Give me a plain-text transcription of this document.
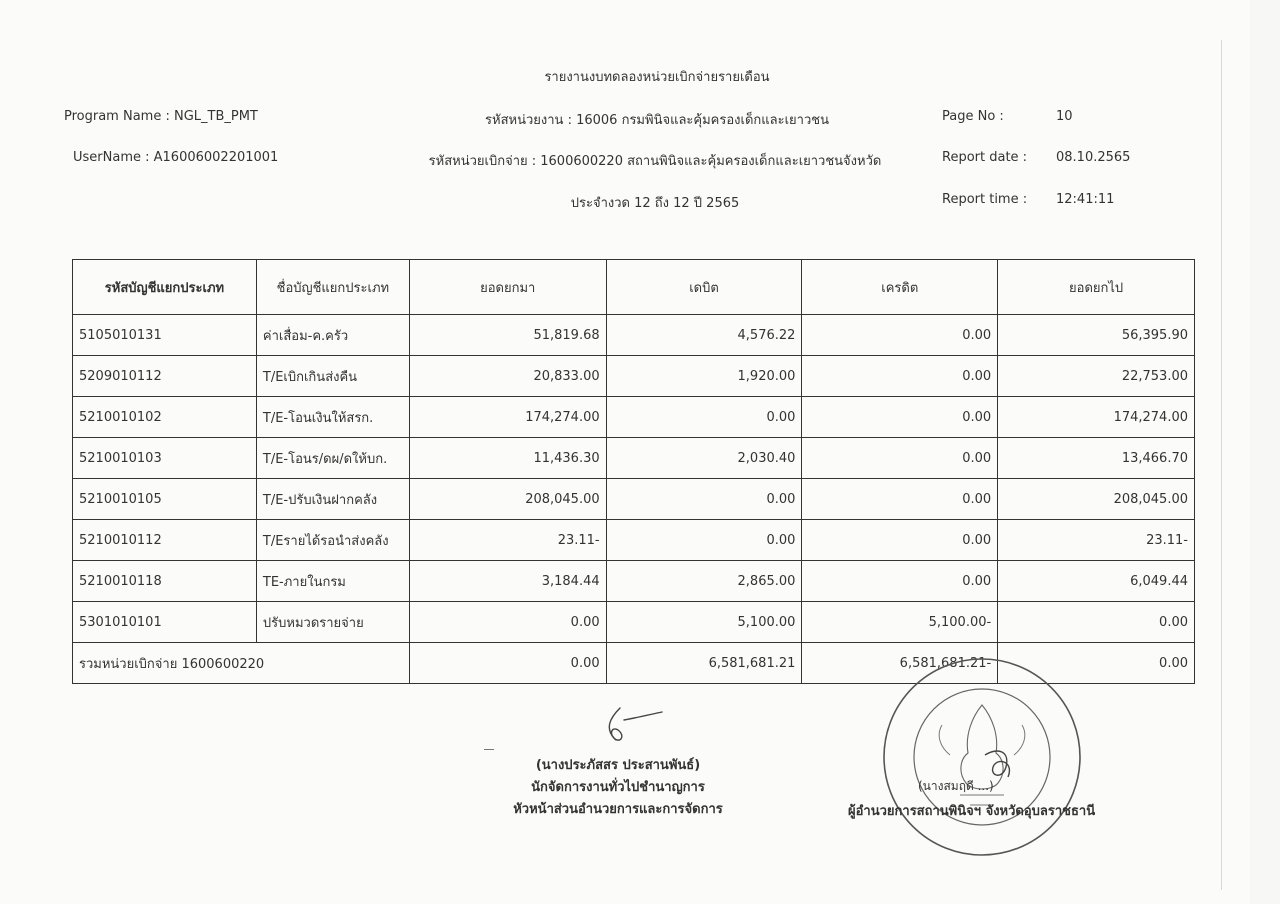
รายงานงบทดลองหน่วยเบิกจ่ายรายเดือน
Program Name : NGL_TB_PMT	รหัสหน่วยงาน : 16006 กรมพินิจและคุ้มครองเด็กและเยาวชน	Page No :	10
UserName : A16006002201001	รหัสหน่วยเบิกจ่าย : 1600600220 สถานพินิจและคุ้มครองเด็กและเยาวชนจังหวัด	Report date : 08.10.2565
ประจำงวด 12 ถึง 12 ปี 2565	Report time : 12:41:11
รหัสบัญชีแยกประเภท	ชื่อบัญชีแยกประเภท	ยอดยกมา	เดบิต	เครดิต	ยอดยกไป
5105010131	ค่าเสื่อม-ค.ครัว	51,819.68	4,576.22	0.00	56,395.90
5209010112	T/Eเบิกเกินส่งคืน	20,833.00	1,920.00	0.00	22,753.00
5210010102	T/E-โอนเงินให้สรก.	174,274.00	0.00	0.00	174,274.00
5210010103	T/E-โอนร/ดผ/ดให้บก.	11,436.30	2,030.40	0.00	13,466.70
5210010105	T/E-ปรับเงินฝากคลัง	208,045.00	0.00	0.00	208,045.00
5210010112	T/Eรายได้รอนำส่งคลัง	23.11-	0.00	0.00	23.11-
5210010118	TE-ภายในกรม	3,184.44	2,865.00	0.00	6,049.44
5301010101	ปรับหมวดรายจ่าย	0.00	5,100.00	5,100.00-	0.00
รวมหน่วยเบิกจ่าย 1600600220		0.00	6,581,681.21	6,581,681.21-	0.00
(นางประภัสสร ประสานพันธ์)
นักจัดการงานทั่วไปชำนาญการ
หัวหน้าส่วนอำนวยการและการจัดการ
(นางสมฤดี ...)
ผู้อำนวยการสถานพินิจฯ จังหวัดอุบลราชธานี
